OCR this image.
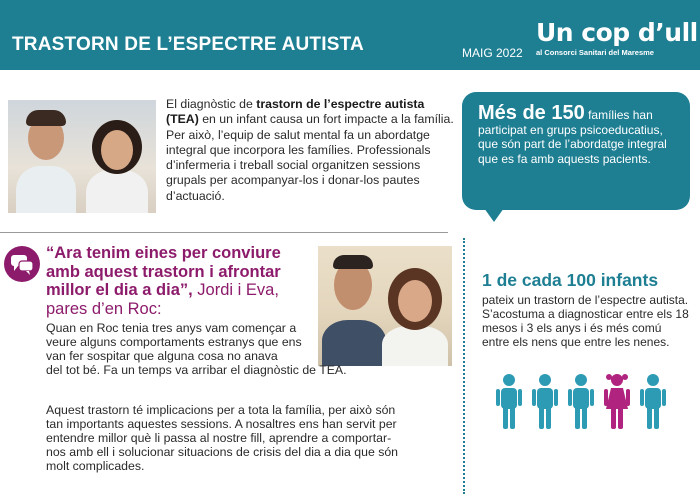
TRASTORN DE L’ESPECTRE AUTISTA	MAIG 2022
Un cop d’ull
al Consorci Sanitari del Maresme
El diagnòstic de trastorn de l’espectre autista (TEA) en un infant causa un fort impacte a la família. Per això, l’equip de salut mental fa un abordatge integral que incorpora les famílies. Professionals d’infermeria i treball social organitzen sessions grupals per acompanyar-los i donar-los pautes d’actuació.
Més de 150 famílies han participat en grups psicoeducatius, que són part de l’abordatge integral que es fa amb aquests pacients.
“Ara tenim eines per conviure amb aquest trastorn i afrontar millor el dia a dia”, Jordi i Eva, pares d’en Roc:
Quan en Roc tenia tres anys vam començar a veure alguns comportaments estranys que ens van fer sospitar que alguna cosa no anava
del tot bé. Fa un temps va arribar el diagnòstic de TEA.
Aquest trastorn té implicacions per a tota la família, per això són tan importants aquestes sessions. A nosaltres ens han servit per entendre millor què li passa al nostre fill, aprendre a comportar-nos amb ell i solucionar situacions de crisis del dia a dia que són molt complicades.
1 de cada 100 infants
pateix un trastorn de l’espectre autista. S’acostuma a diagnosticar entre els 18 mesos i 3 els anys i és més comú entre els nens que entre les nenes.
